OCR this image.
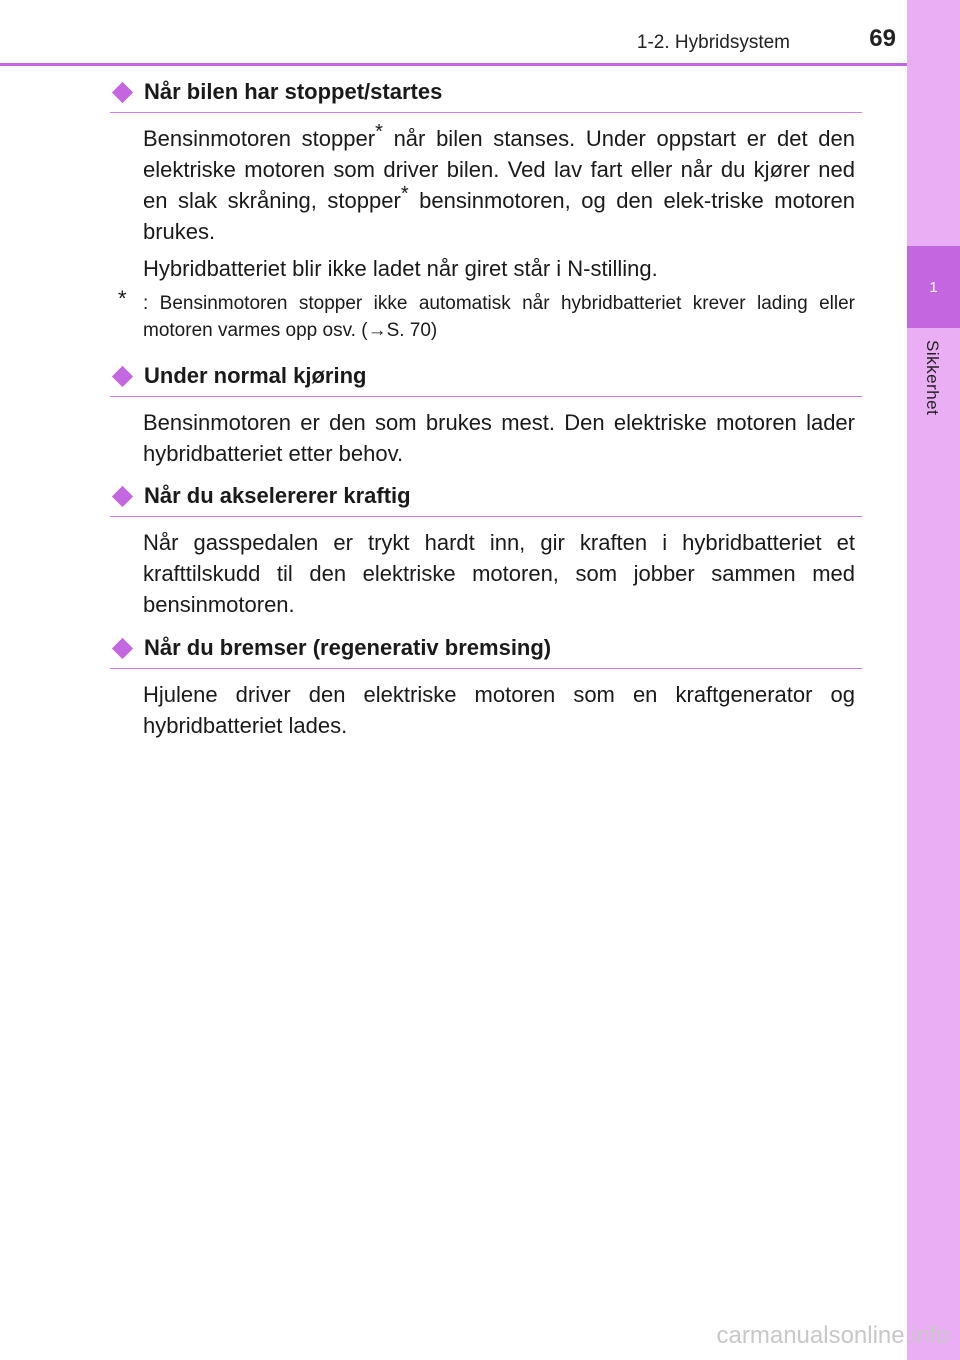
1
Sikkerhet
1-2. Hybridsystem	69
Når bilen har stoppet/startes

Bensinmotoren stopper* når bilen stanses. Under oppstart er det den elektriske motoren som driver bilen. Ved lav fart eller når du kjører ned en slak skråning, stopper* bensinmotoren, og den elek-triske motoren brukes.

Hybridbatteriet blir ikke ladet når giret står i N-stilling.

* : Bensinmotoren stopper ikke automatisk når hybridbatteriet krever lading eller motoren varmes opp osv. (→S. 70)
Under normal kjøring

Bensinmotoren er den som brukes mest. Den elektriske motoren lader hybridbatteriet etter behov.

Når du akselererer kraftig

Når gasspedalen er trykt hardt inn, gir kraften i hybridbatteriet et krafttilskudd til den elektriske motoren, som jobber sammen med bensinmotoren.

Når du bremser (regenerativ bremsing)

Hjulene driver den elektriske motoren som en kraftgenerator og hybridbatteriet lades.

carmanualsonline.info
